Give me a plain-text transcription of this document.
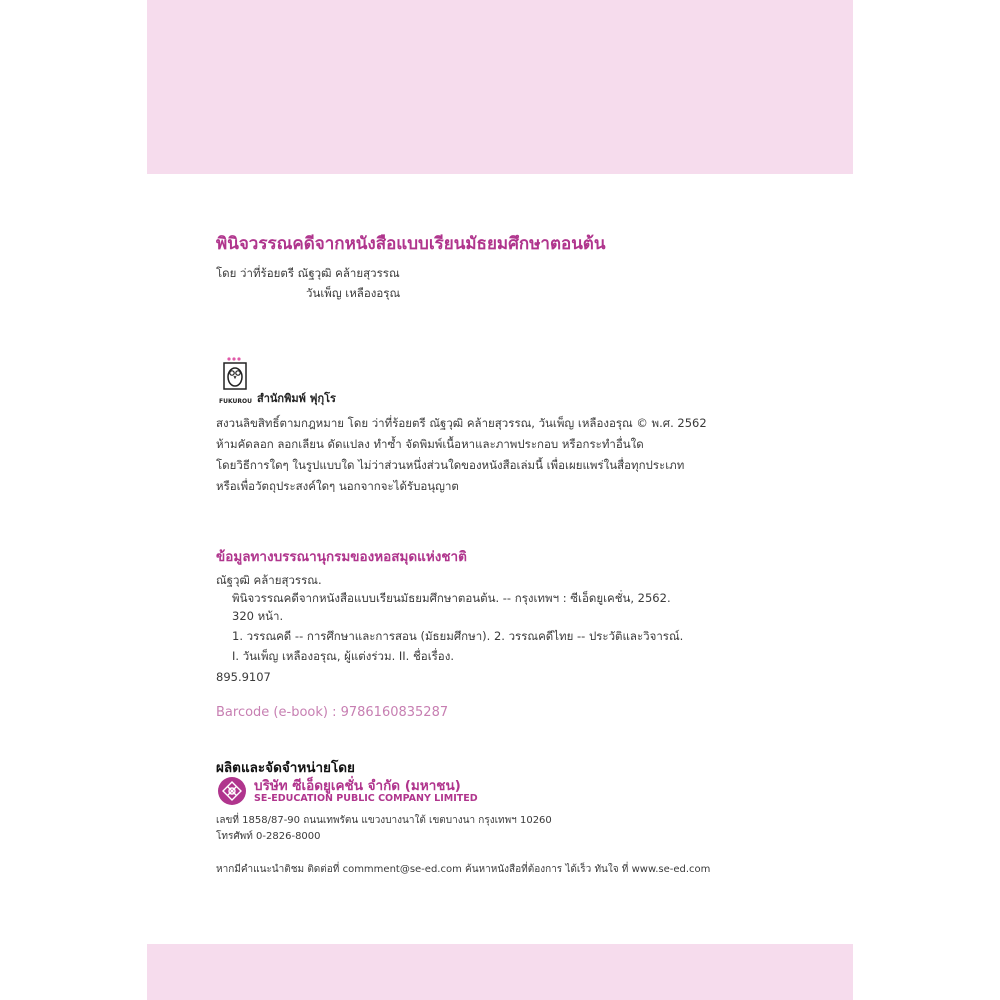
พินิจวรรณคดีจากหนังสือแบบเรียนมัธยมศึกษาตอนต้น
โดย ว่าที่ร้อยตรี ณัฐวุฒิ คล้ายสุวรรณ
วันเพ็ญ เหลืองอรุณ
FUKUROU สำนักพิมพ์ ฟุกุโร
สงวนลิขสิทธิ์ตามกฎหมาย โดย ว่าที่ร้อยตรี ณัฐวุฒิ คล้ายสุวรรณ, วันเพ็ญ เหลืองอรุณ © พ.ศ. 2562
ห้ามคัดลอก ลอกเลียน ดัดแปลง ทำซ้ำ จัดพิมพ์เนื้อหาและภาพประกอบ หรือกระทำอื่นใด
โดยวิธีการใดๆ ในรูปแบบใด ไม่ว่าส่วนหนึ่งส่วนใดของหนังสือเล่มนี้ เพื่อเผยแพร่ในสื่อทุกประเภท
หรือเพื่อวัตถุประสงค์ใดๆ นอกจากจะได้รับอนุญาต
ข้อมูลทางบรรณานุกรมของหอสมุดแห่งชาติ
ณัฐวุฒิ คล้ายสุวรรณ.
พินิจวรรณคดีจากหนังสือแบบเรียนมัธยมศึกษาตอนต้น. -- กรุงเทพฯ : ซีเอ็ดยูเคชั่น, 2562.
320 หน้า.
1. วรรณคดี -- การศึกษาและการสอน (มัธยมศึกษา). 2. วรรณคดีไทย -- ประวัติและวิจารณ์.
I. วันเพ็ญ เหลืองอรุณ, ผู้แต่งร่วม. II. ชื่อเรื่อง.
895.9107
Barcode (e-book) : 9786160835287
ผลิตและจัดจำหน่ายโดย
บริษัท ซีเอ็ดยูเคชั่น จำกัด (มหาชน)
SE-EDUCATION PUBLIC COMPANY LIMITED
เลขที่ 1858/87-90 ถนนเทพรัตน แขวงบางนาใต้ เขตบางนา กรุงเทพฯ 10260
โทรศัพท์ 0-2826-8000
หากมีคำแนะนำติชม ติดต่อที่ commment@se-ed.com ค้นหาหนังสือที่ต้องการ ได้เร็ว ทันใจ ที่ www.se-ed.com
